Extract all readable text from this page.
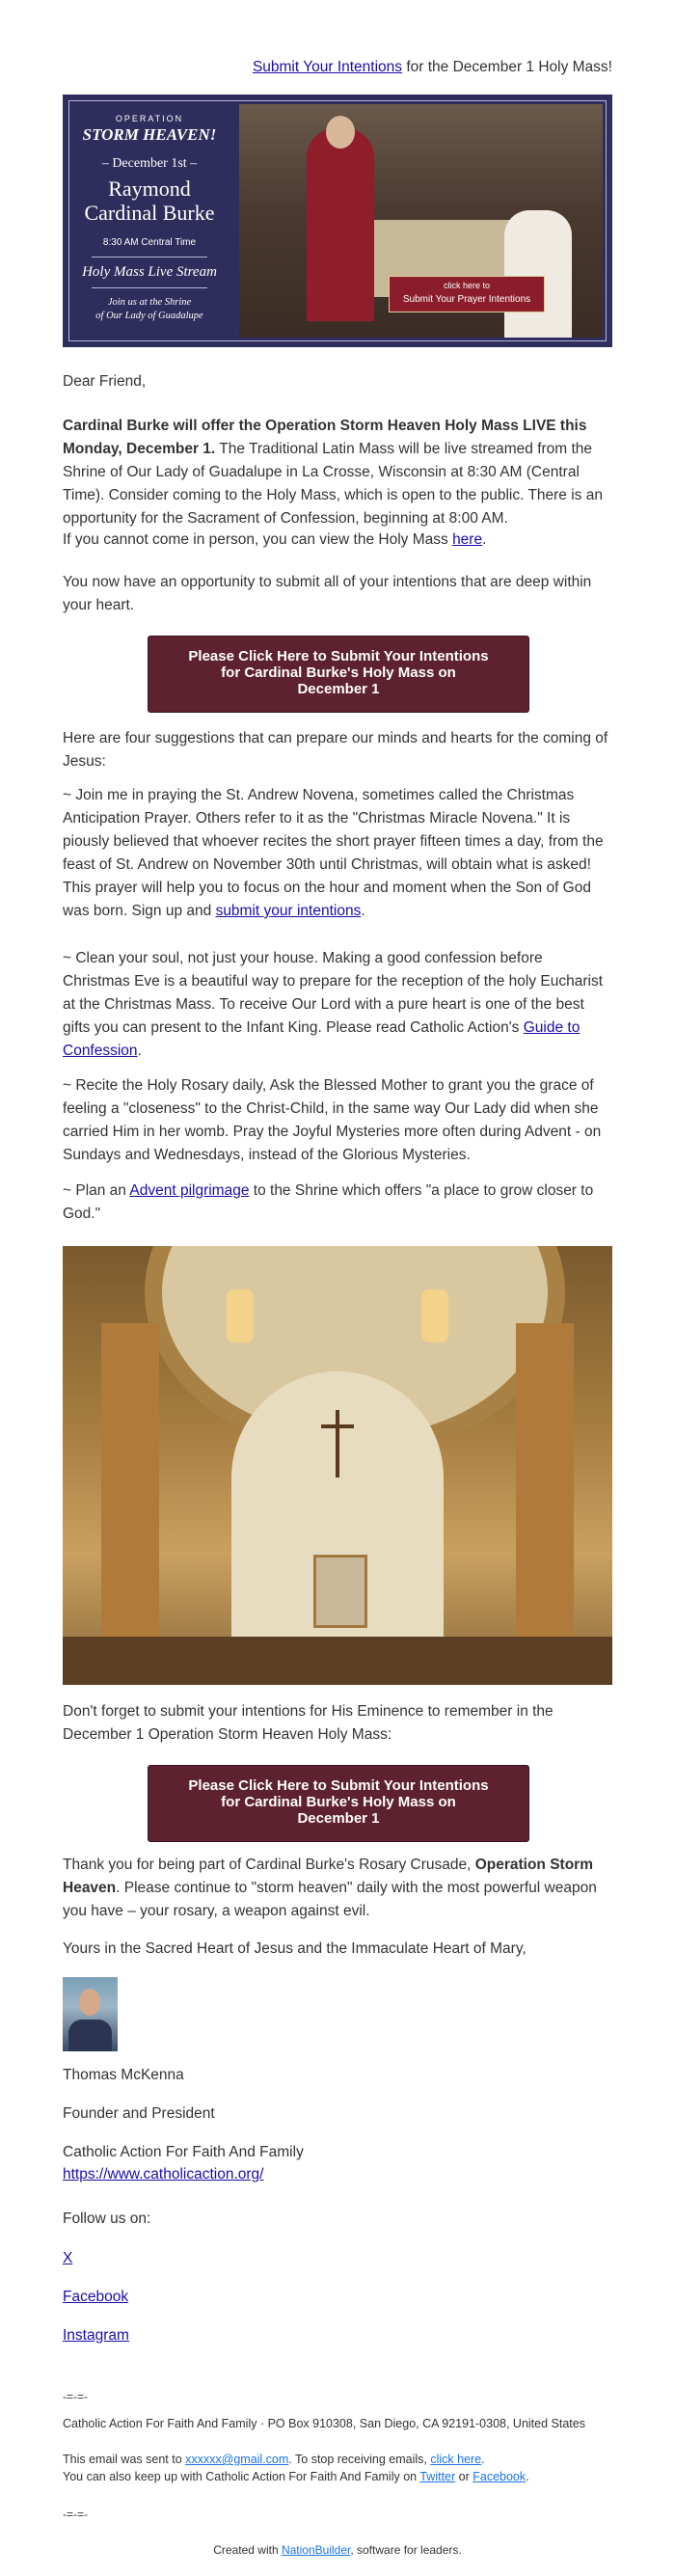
Submit Your Intentions for the December 1 Holy Mass!

OPERATION
STORM HEAVEN!
– December 1st –
Raymond
Cardinal Burke
8:30 AM Central Time
Holy Mass Live Stream
Join us at the Shrine
of Our Lady of Guadalupe
click here to
Submit Your Prayer Intentions

Dear Friend,

Cardinal Burke will offer the Operation Storm Heaven Holy Mass LIVE this Monday, December 1. The Traditional Latin Mass will be live streamed from the Shrine of Our Lady of Guadalupe in La Crosse, Wisconsin at 8:30 AM (Central Time). Consider coming to the Holy Mass, which is open to the public. There is an opportunity for the Sacrament of Confession, beginning at 8:00 AM.

If you cannot come in person, you can view the Holy Mass here.

You now have an opportunity to submit all of your intentions that are deep within your heart.

Please Click Here to Submit Your Intentions
for Cardinal Burke's Holy Mass on
December 1

Here are four suggestions that can prepare our minds and hearts for the coming of Jesus:

~ Join me in praying the St. Andrew Novena, sometimes called the Christmas Anticipation Prayer. Others refer to it as the "Christmas Miracle Novena." It is piously believed that whoever recites the short prayer fifteen times a day, from the feast of St. Andrew on November 30th until Christmas, will obtain what is asked! This prayer will help you to focus on the hour and moment when the Son of God was born. Sign up and submit your intentions.

~ Clean your soul, not just your house. Making a good confession before Christmas Eve is a beautiful way to prepare for the reception of the holy Eucharist at the Christmas Mass. To receive Our Lord with a pure heart is one of the best gifts you can present to the Infant King. Please read Catholic Action's Guide to Confession.

~ Recite the Holy Rosary daily, Ask the Blessed Mother to grant you the grace of feeling a "closeness" to the Christ-Child, in the same way Our Lady did when she carried Him in her womb. Pray the Joyful Mysteries more often during Advent - on Sundays and Wednesdays, instead of the Glorious Mysteries.

~ Plan an Advent pilgrimage to the Shrine which offers "a place to grow closer to God."

Don't forget to submit your intentions for His Eminence to remember in the December 1 Operation Storm Heaven Holy Mass:

Please Click Here to Submit Your Intentions
for Cardinal Burke's Holy Mass on
December 1

Thank you for being part of Cardinal Burke's Rosary Crusade, Operation Storm Heaven. Please continue to "storm heaven" daily with the most powerful weapon you have – your rosary, a weapon against evil.

Yours in the Sacred Heart of Jesus and the Immaculate Heart of Mary,

Thomas McKenna

Founder and President

Catholic Action For Faith And Family

https://www.catholicaction.org/

Follow us on:

X

Facebook

Instagram

-=-=-
Catholic Action For Faith And Family · PO Box 910308, San Diego, CA 92191-0308, United States
This email was sent to xxxxxx@gmail.com. To stop receiving emails, click here.
You can also keep up with Catholic Action For Faith And Family on Twitter or Facebook.
-=-=-
Created with NationBuilder, software for leaders.
